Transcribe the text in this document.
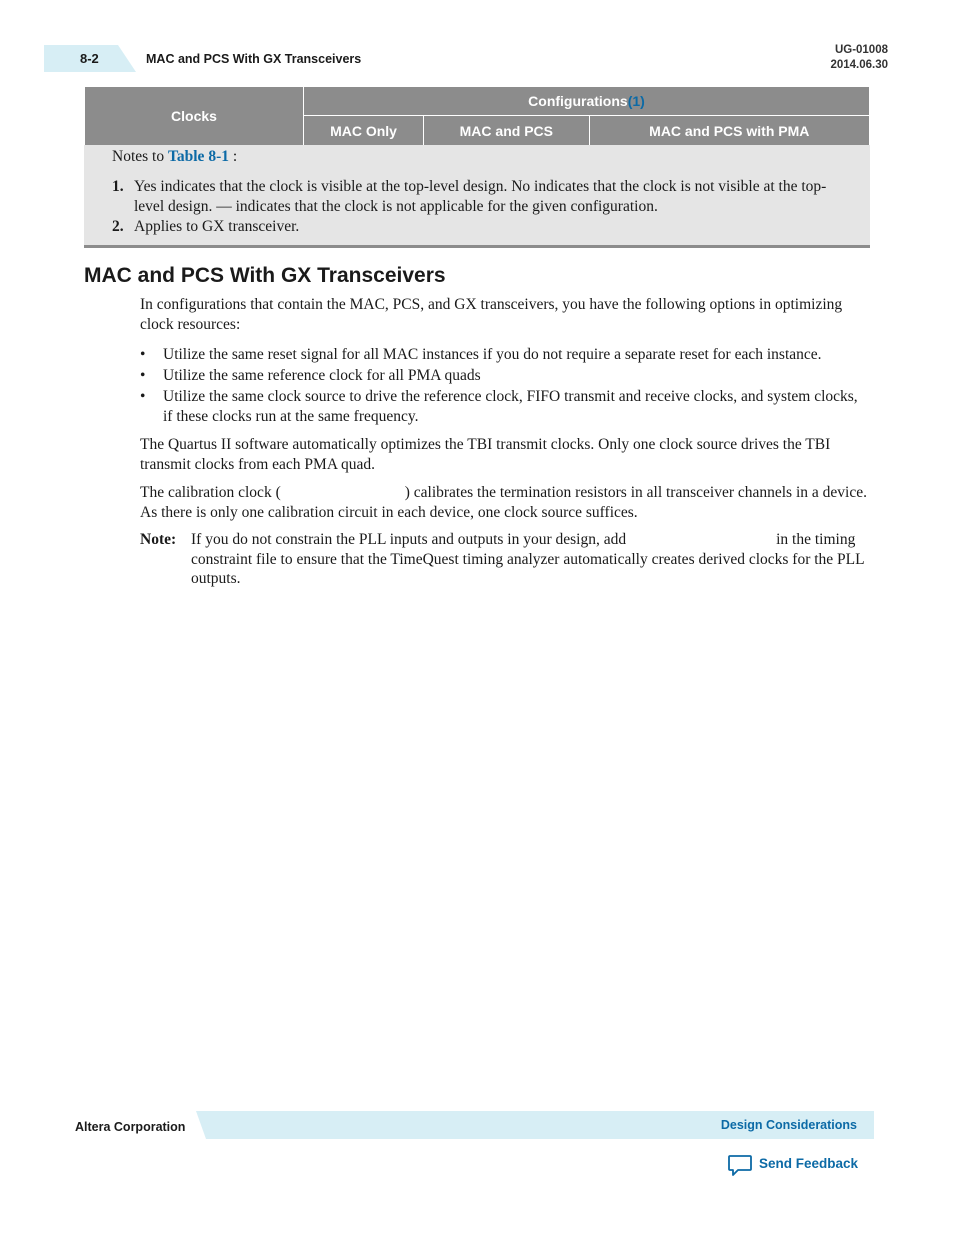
8-2	MAC and PCS With GX Transceivers
UG-01008
2014.06.30
Clocks	Configurations(1)		
	MAC Only	MAC and PCS	MAC and PCS with PMA
Notes to Table 8-1 :
1. Yes indicates that the clock is visible at the top-level design. No indicates that the clock is not visible at the top-level design. — indicates that the clock is not applicable for the given configuration.
2. Applies to GX transceiver.
MAC and PCS With GX Transceivers
In configurations that contain the MAC, PCS, and GX transceivers, you have the following options in optimizing clock resources:
• Utilize the same reset signal for all MAC instances if you do not require a separate reset for each instance.
• Utilize the same reference clock for all PMA quads
• Utilize the same clock source to drive the reference clock, FIFO transmit and receive clocks, and system clocks, if these clocks run at the same frequency.
The Quartus II software automatically optimizes the TBI transmit clocks. Only one clock source drives the TBI transmit clocks from each PMA quad.
The calibration clock (	) calibrates the termination resistors in all transceiver channels in a device. As there is only one calibration circuit in each device, one clock source suffices.
Note: If you do not constrain the PLL inputs and outputs in your design, add	in the timing constraint file to ensure that the TimeQuest timing analyzer automatically creates derived clocks for the PLL outputs.
Altera Corporation	Design Considerations
Send Feedback
